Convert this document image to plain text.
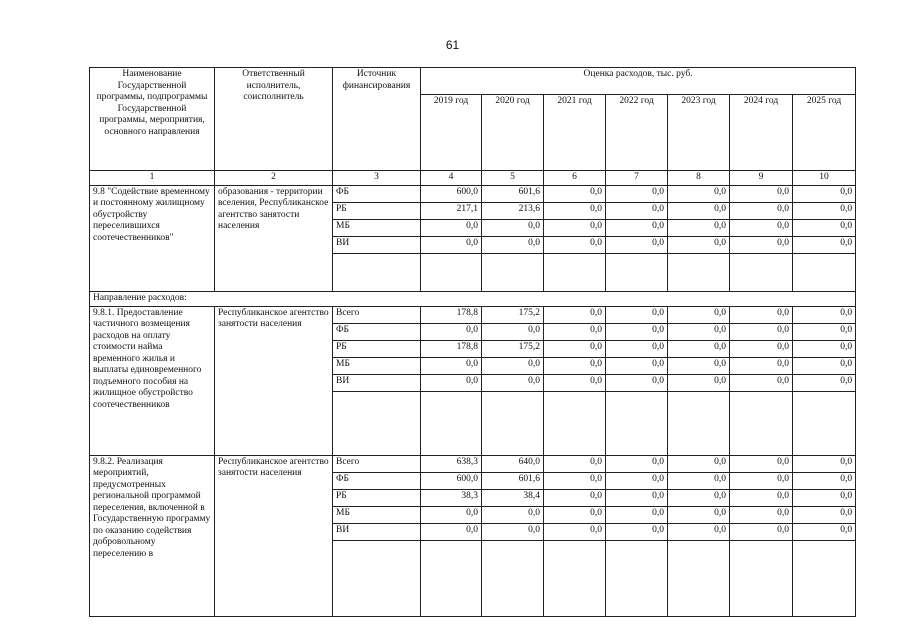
61
Наименование Государственной программы, подпрограммы Государственной программы, мероприятия, основного направления	Ответственный исполнитель, соисполнитель	Источник финансирования	Оценка расходов, тыс. руб.						
			2019 год	2020 год	2021 год	2022 год	2023 год	2024 год	2025 год
1	2	3	4	5	6	7	8	9	10
9.8 "Содействие временному и постоянному жилищному обустройству переселившихся соотечественников"	образования - территории вселения, Республиканское агентство занятости населения	ФБ	600,0	601,6	0,0	0,0	0,0	0,0	0,0
		РБ	217,1	213,6	0,0	0,0	0,0	0,0	0,0
		МБ	0,0	0,0	0,0	0,0	0,0	0,0	0,0
		ВИ	0,0	0,0	0,0	0,0	0,0	0,0	0,0

Направление расходов:									
9.8.1. Предоставление частичного возмещения расходов на оплату стоимости найма временного жилья и выплаты единовременного подъемного пособия на жилищное обустройство соотечественников	Республиканское агентство занятости населения	Всего	178,8	175,2	0,0	0,0	0,0	0,0	0,0
		ФБ	0,0	0,0	0,0	0,0	0,0	0,0	0,0
		РБ	178,8	175,2	0,0	0,0	0,0	0,0	0,0
		МБ	0,0	0,0	0,0	0,0	0,0	0,0	0,0
		ВИ	0,0	0,0	0,0	0,0	0,0	0,0	0,0

9.8.2. Реализация мероприятий, предусмотренных региональной программой переселения, включенной в Государственную программу по оказанию содействия добровольному переселению в	Республиканское агентство занятости населения	Всего	638,3	640,0	0,0	0,0	0,0	0,0	0,0
		ФБ	600,0	601,6	0,0	0,0	0,0	0,0	0,0
		РБ	38,3	38,4	0,0	0,0	0,0	0,0	0,0
		МБ	0,0	0,0	0,0	0,0	0,0	0,0	0,0
		ВИ	0,0	0,0	0,0	0,0	0,0	0,0	0,0
